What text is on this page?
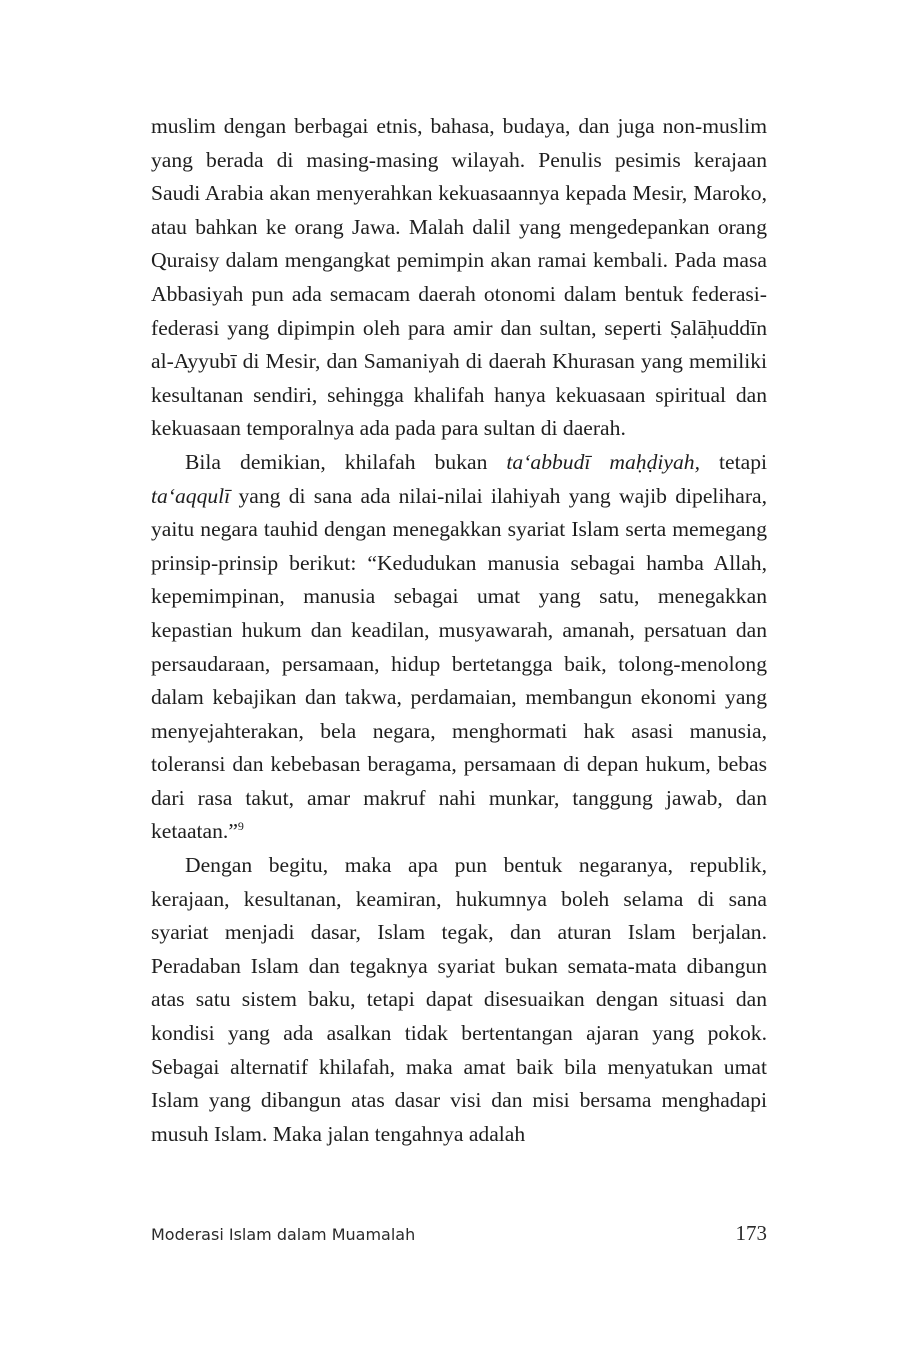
muslim dengan berbagai etnis, bahasa, budaya, dan juga non-muslim yang berada di masing-masing wilayah. Penulis pesimis kerajaan Saudi Arabia akan menyerahkan kekuasaannya kepada Mesir, Maroko, atau bahkan ke orang Jawa. Malah dalil yang mengedepankan orang Quraisy dalam mengangkat pemimpin akan ramai kembali. Pada masa Abbasiyah pun ada semacam daerah otonomi dalam bentuk federasi-federasi yang dipimpin oleh para amir dan sultan, seperti Ṣalāḥuddīn al-Ayyubī di Mesir, dan Samaniyah di daerah Khurasan yang memiliki kesultanan sendiri, sehingga khalifah hanya kekuasaan spiritual dan kekuasaan temporalnya ada pada para sultan di daerah.

Bila demikian, khilafah bukan ta‘abbudī maḥḍiyah, tetapi ta‘aqqulī yang di sana ada nilai-nilai ilahiyah yang wajib dipelihara, yaitu negara tauhid dengan menegakkan syariat Islam serta memegang prinsip-prinsip berikut: “Kedudukan manusia sebagai hamba Allah, kepemimpinan, manusia sebagai umat yang satu, menegakkan kepastian hukum dan keadilan, musyawarah, amanah, persatuan dan persaudaraan, persamaan, hidup bertetangga baik, tolong-menolong dalam kebajikan dan takwa, perdamaian, membangun ekonomi yang menyejahterakan, bela negara, menghormati hak asasi manusia, toleransi dan kebebasan beragama, persamaan di depan hukum, bebas dari rasa takut, amar makruf nahi munkar, tanggung jawab, dan ketaatan.”$^9$

Dengan begitu, maka apa pun bentuk negaranya, republik, kerajaan, kesultanan, keamiran, hukumnya boleh selama di sana syariat menjadi dasar, Islam tegak, dan aturan Islam berjalan. Peradaban Islam dan tegaknya syariat bukan semata-mata dibangun atas satu sistem baku, tetapi dapat disesuaikan dengan situasi dan kondisi yang ada asalkan tidak bertentangan ajaran yang pokok. Sebagai alternatif khilafah, maka amat baik bila menyatukan umat Islam yang dibangun atas dasar visi dan misi bersama menghadapi musuh Islam. Maka jalan tengahnya adalah

Moderasi Islam dalam Muamalah	173
